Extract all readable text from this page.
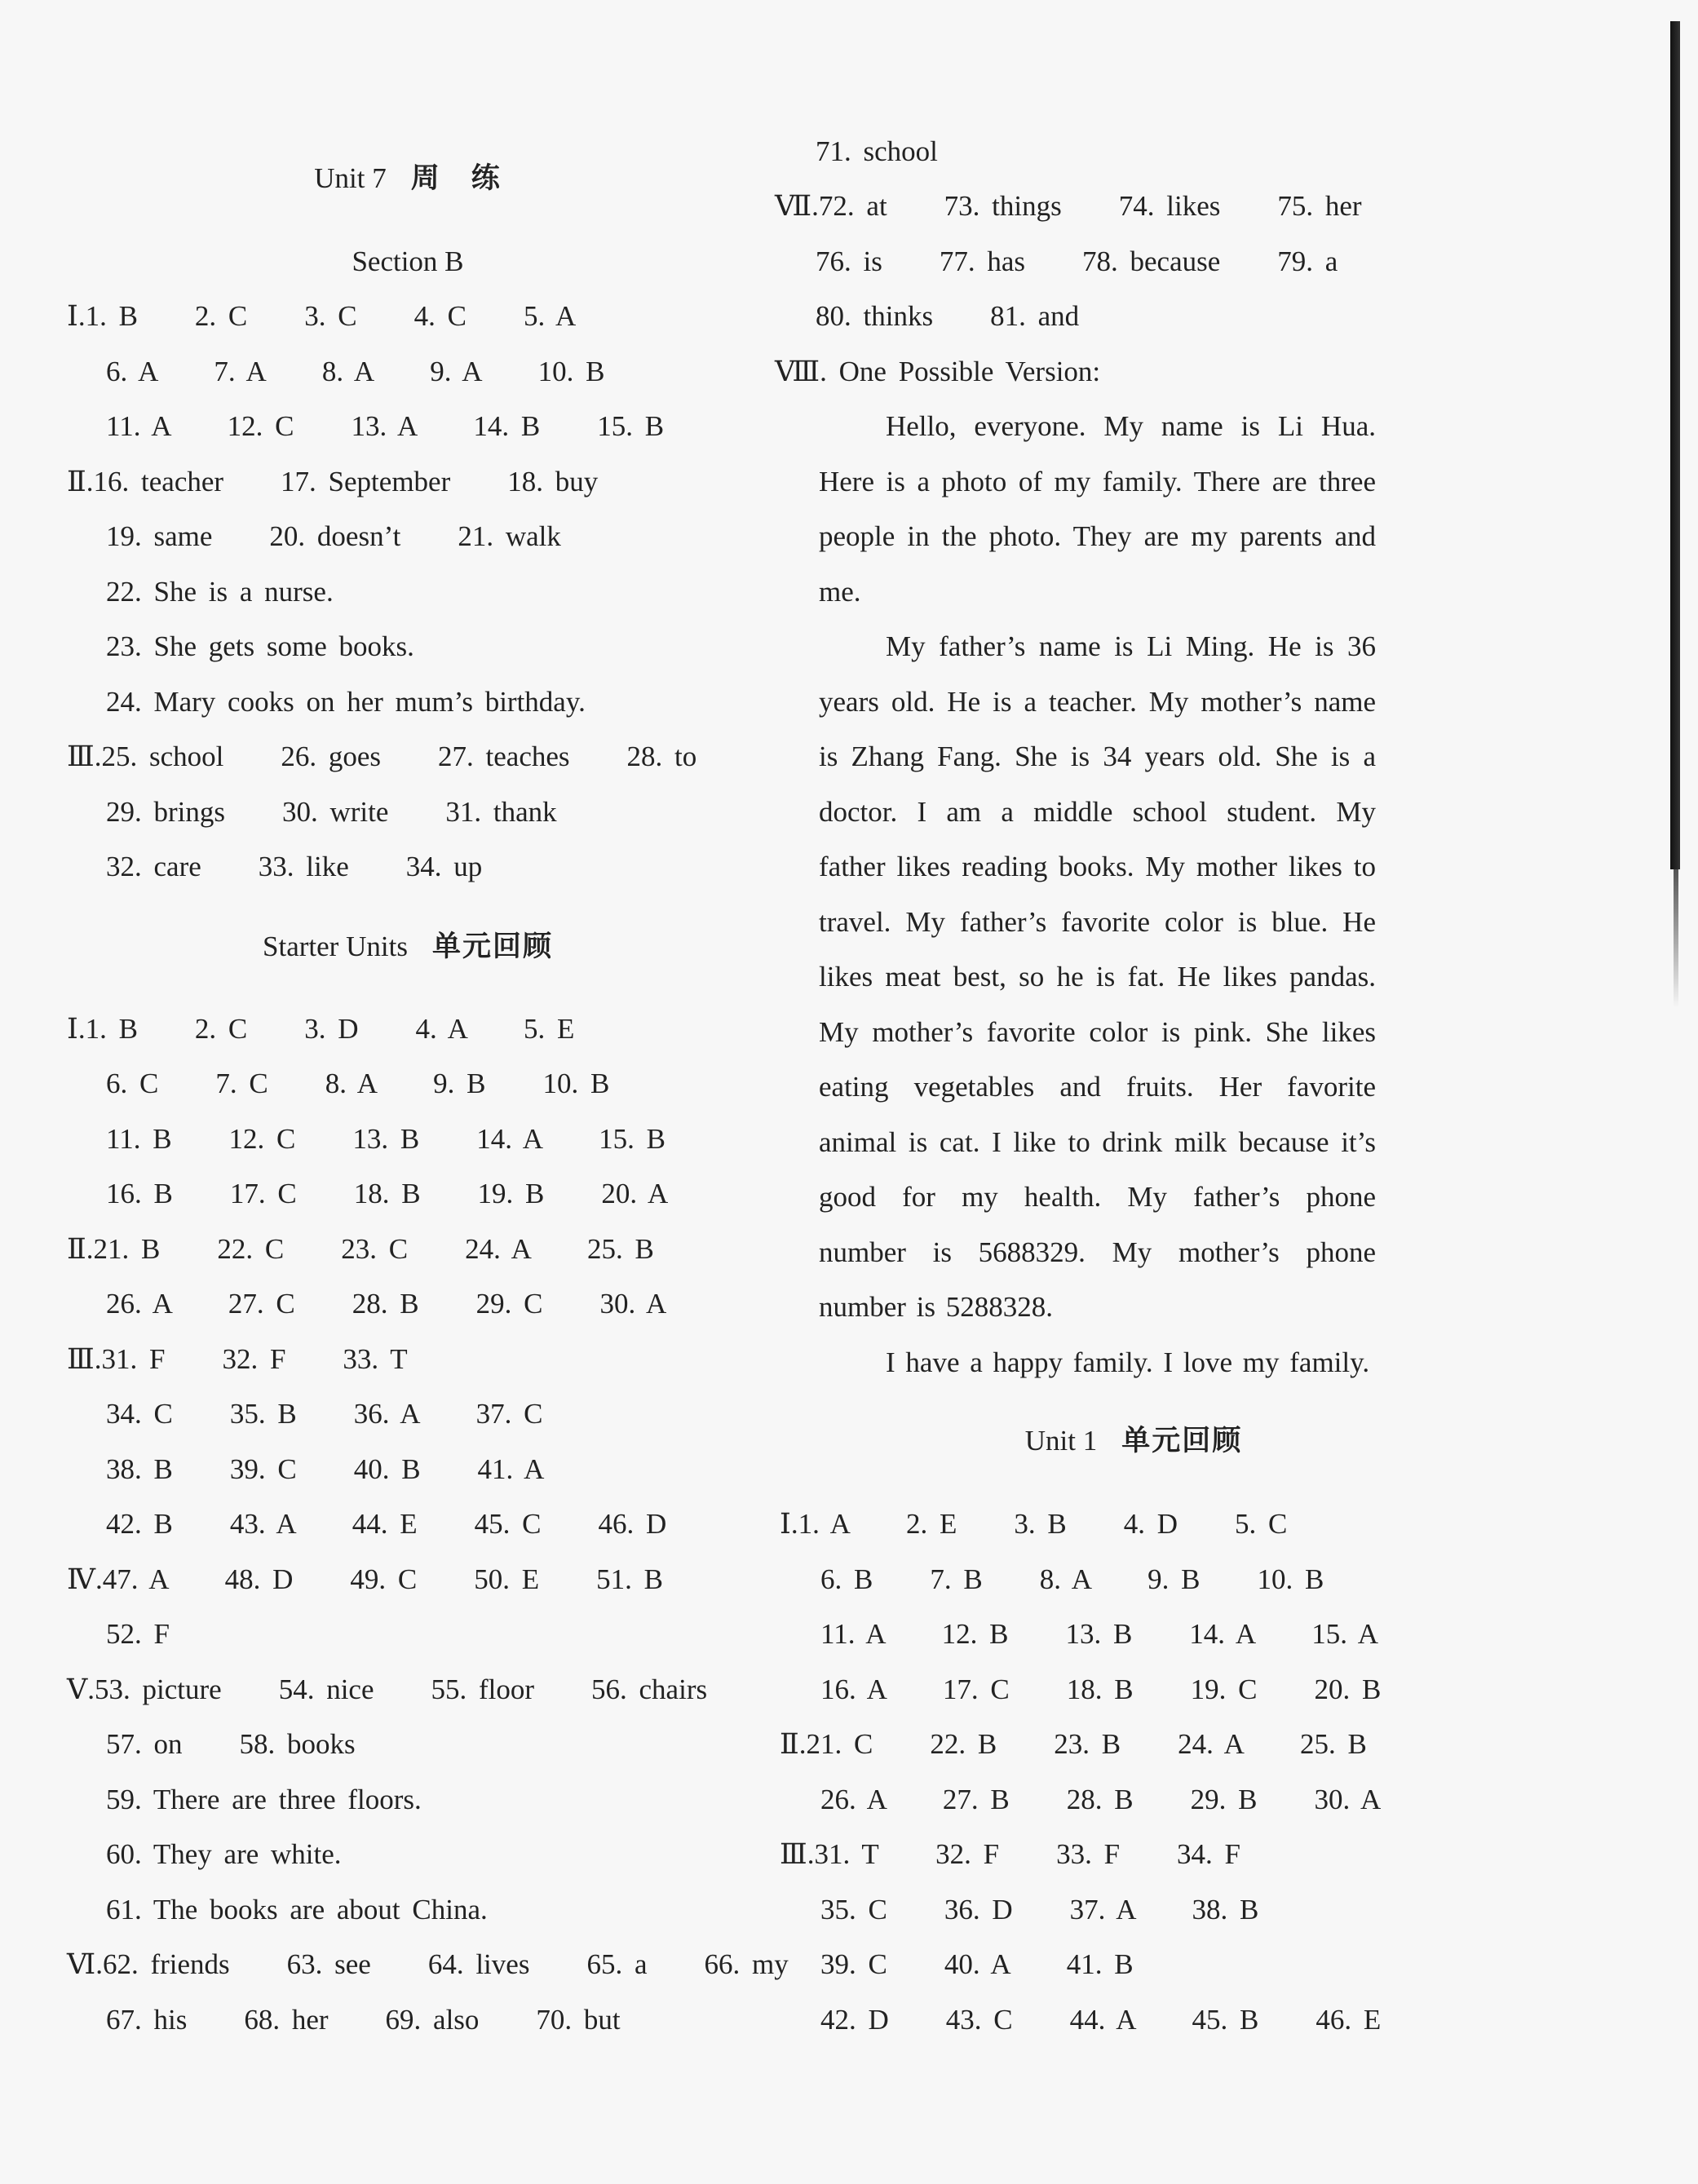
Unit 7 周　练
Section B
Ⅰ.1. B　　2. C　　3. C　　4. C　　5. A
6. A　　7. A　　8. A　　9. A　　10. B
11. A　　12. C　　13. A　　14. B　　15. B
Ⅱ.16. teacher　　17. September　　18. buy
19. same　　20. doesn’t　　21. walk
22. She is a nurse.
23. She gets some books.
24. Mary cooks on her mum’s birthday.
Ⅲ.25. school　　26. goes　　27. teaches　　28. to
29. brings　　30. write　　31. thank
32. care　　33. like　　34. up
Starter Units 单元回顾
Ⅰ.1. B　　2. C　　3. D　　4. A　　5. E
6. C　　7. C　　8. A　　9. B　　10. B
11. B　　12. C　　13. B　　14. A　　15. B
16. B　　17. C　　18. B　　19. B　　20. A
Ⅱ.21. B　　22. C　　23. C　　24. A　　25. B
26. A　　27. C　　28. B　　29. C　　30. A
Ⅲ.31. F　　32. F　　33. T
34. C　　35. B　　36. A　　37. C
38. B　　39. C　　40. B　　41. A
42. B　　43. A　　44. E　　45. C　　46. D
Ⅳ.47. A　　48. D　　49. C　　50. E　　51. B
52. F
Ⅴ.53. picture　　54. nice　　55. floor　　56. chairs
57. on　　58. books
59. There are three floors.
60. They are white.
61. The books are about China.
Ⅵ.62. friends　　63. see　　64. lives　　65. a　　66. my
67. his　　68. her　　69. also　　70. but
71. school
Ⅶ.72. at　　73. things　　74. likes　　75. her
76. is　　77. has　　78. because　　79. a
80. thinks　　81. and
Ⅷ. One Possible Version:

Hello, everyone. My name is Li Hua. Here is a photo of my family. There are three people in the photo. They are my parents and me.

My father’s name is Li Ming. He is 36 years old. He is a teacher. My mother’s name is Zhang Fang. She is 34 years old. She is a doctor. I am a middle school student. My father likes reading books. My mother likes to travel. My father’s favorite color is blue. He likes meat best, so he is fat. He likes pandas. My mother’s favorite color is pink. She likes eating vegetables and fruits. Her favorite animal is cat. I like to drink milk because it’s good for my health. My father’s phone number is 5688329. My mother’s phone number is 5288328.

I have a happy family. I love my family.

Unit 1 单元回顾
Ⅰ.1. A　　2. E　　3. B　　4. D　　5. C
6. B　　7. B　　8. A　　9. B　　10. B
11. A　　12. B　　13. B　　14. A　　15. A
16. A　　17. C　　18. B　　19. C　　20. B
Ⅱ.21. C　　22. B　　23. B　　24. A　　25. B
26. A　　27. B　　28. B　　29. B　　30. A
Ⅲ.31. T　　32. F　　33. F　　34. F
35. C　　36. D　　37. A　　38. B
39. C　　40. A　　41. B
42. D　　43. C　　44. A　　45. B　　46. E
